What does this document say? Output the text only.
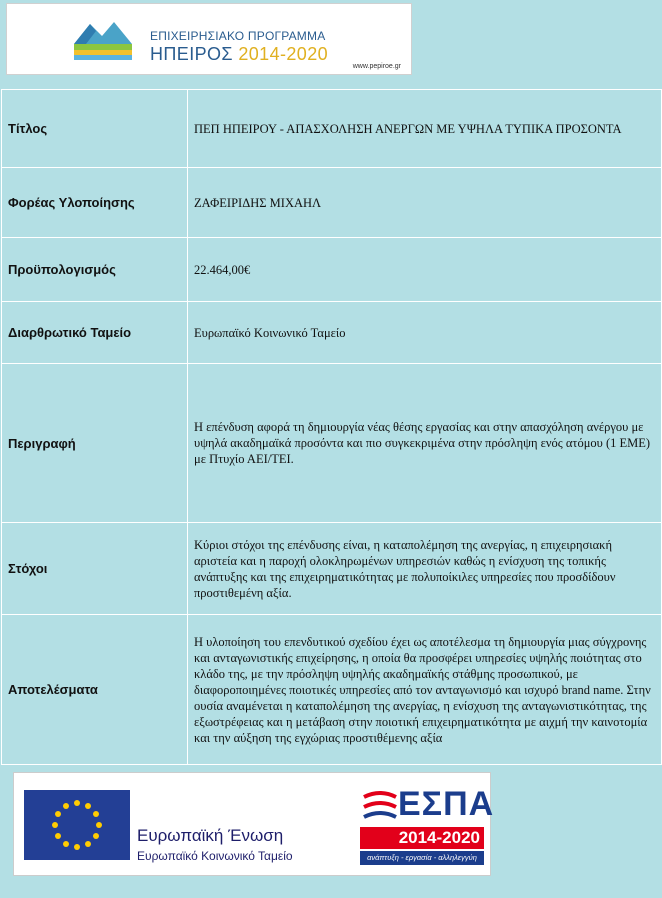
ΕΠΙΧΕΙΡΗΣΙΑΚΟ ΠΡΟΓΡΑΜΜΑ
ΗΠΕΙΡΟΣ 2014-2020
www.pepiroe.gr
Τίτλος	ΠΕΠ ΗΠΕΙΡΟΥ - ΑΠΑΣΧΟΛΗΣΗ ΑΝΕΡΓΩΝ ΜΕ ΥΨΗΛΑ ΤΥΠΙΚΑ ΠΡΟΣΟΝΤΑ
Φορέας Υλοποίησης	ΖΑΦΕΙΡΙΔΗΣ ΜΙΧΑΗΛ
Προϋπολογισμός	22.464,00€
Διαρθρωτικό Ταμείο	Ευρωπαϊκό Κοινωνικό Ταμείο
Περιγραφή	Η επένδυση αφορά τη δημιουργία νέας θέσης εργασίας και στην απασχόληση ανέργου με υψηλά ακαδημαϊκά προσόντα και πιο συγκεκριμένα στην πρόσληψη ενός ατόμου (1 ΕΜΕ) με Πτυχίο ΑΕΙ/ΤΕΙ.
Στόχοι	Κύριοι στόχοι της επένδυσης είναι, η καταπολέμηση της ανεργίας, η επιχειρησιακή αριστεία και η παροχή ολοκληρωμένων υπηρεσιών καθώς η ενίσχυση της τοπικής ανάπτυξης και της επιχειρηματικότητας με πολυποίκιλες υπηρεσίες που προσδίδουν προστιθεμένη αξία.
Αποτελέσματα	Η υλοποίηση του επενδυτικού σχεδίου έχει ως αποτέλεσμα τη δημιουργία μιας σύγχρονης και ανταγωνιστικής επιχείρησης, η οποία θα προσφέρει υπηρεσίες υψηλής ποιότητας στο κλάδο της, με την πρόσληψη υψηλής ακαδημαϊκής στάθμης προσωπικού, με διαφοροποιημένες ποιοτικές υπηρεσίες από τον ανταγωνισμό και ισχυρό brand name. Στην ουσία αναμένεται η καταπολέμηση της ανεργίας, η ενίσχυση της ανταγωνιστικότητας, της εξωστρέφειας και η μετάβαση στην ποιοτική επιχειρηματικότητα με αιχμή την καινοτομία και την αύξηση της εγχώριας προστιθέμενης αξία
Ευρωπαϊκή Ένωση
Ευρωπαϊκό Κοινωνικό Ταμείο
ΕΣΠΑ
2014-2020
ανάπτυξη - εργασία - αλληλεγγύη
